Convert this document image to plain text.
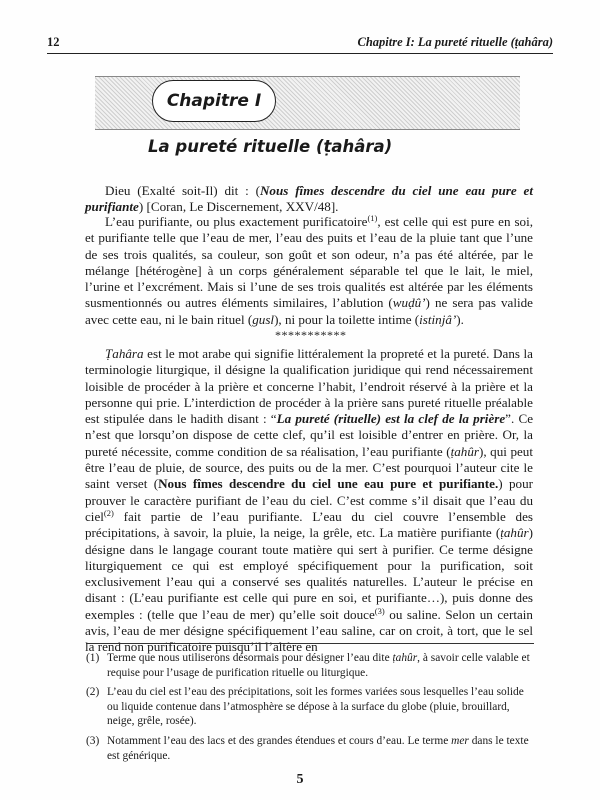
12	Chapitre I: La pureté rituelle (ṭahâra)
Chapitre I
La pureté rituelle (ṭahâra)

Dieu (Exalté soit-Il) dit : (Nous fîmes descendre du ciel une eau pure et purifiante) [Coran, Le Discernement, XXV/48].

L’eau purifiante, ou plus exactement purificatoire$^{(1)}$, est celle qui est pure en soi, et purifiante telle que l’eau de mer, l’eau des puits et l’eau de la pluie tant que l’une de ses trois qualités, sa couleur, son goût et son odeur, n’a pas été altérée, par le mélange [hétérogène] à un corps généralement séparable tel que le lait, le miel, l’urine et l’excrément. Mais si l’une de ses trois qualités est altérée par les éléments susmentionnés ou autres éléments similaires, l’ablution (wuḍû’) ne sera pas valide avec cette eau, ni le bain rituel (gusl), ni pour la toilette intime (istinjâ’).

***********

Ṭahâra est le mot arabe qui signifie littéralement la propreté et la pureté. Dans la terminologie liturgique, il désigne la qualification juridique qui rend nécessairement loisible de procéder à la prière et concerne l’habit, l’endroit réservé à la prière et la personne qui prie. L’interdiction de procéder à la prière sans pureté rituelle préalable est stipulée dans le hadith disant : “La pureté (rituelle) est la clef de la prière”. Ce n’est que lorsqu’on dispose de cette clef, qu’il est loisible d’entrer en prière. Or, la pureté nécessite, comme condition de sa réalisation, l’eau purifiante (ṭahûr), qui peut être l’eau de pluie, de source, des puits ou de la mer. C’est pourquoi l’auteur cite le saint verset (Nous fîmes descendre du ciel une eau pure et purifiante.) pour prouver le caractère purifiant de l’eau du ciel. C’est comme s’il disait que l’eau du ciel$^{(2)}$ fait partie de l’eau purifiante. L’eau du ciel couvre l’ensemble des précipitations, à savoir, la pluie, la neige, la grêle, etc. La matière purifiante (ṭahûr) désigne dans le langage courant toute matière qui sert à purifier. Ce terme désigne liturgiquement ce qui est employé spécifiquement pour la purification, soit exclusivement l’eau qui a conservé ses qualités naturelles. L’auteur le précise en disant : (L’eau purifiante est celle qui pure en soi, et purifiante…), puis donne des exemples : (telle que l’eau de mer) qu’elle soit douce$^{(3)}$ ou saline. Selon un certain avis, l’eau de mer désigne spécifiquement l’eau saline, car on croit, à tort, que le sel la rend non purificatoire puisqu’il l’altère en

(1) Terme que nous utiliserons désormais pour désigner l’eau dite ṭahûr, à savoir celle valable et requise pour l’usage de purification rituelle ou liturgique.
(2) L’eau du ciel est l’eau des précipitations, soit les formes variées sous lesquelles l’eau solide ou liquide contenue dans l’atmosphère se dépose à la surface du globe (pluie, brouillard, neige, grêle, rosée).
(3) Notamment l’eau des lacs et des grandes étendues et cours d’eau. Le terme mer dans le texte est générique.
5
